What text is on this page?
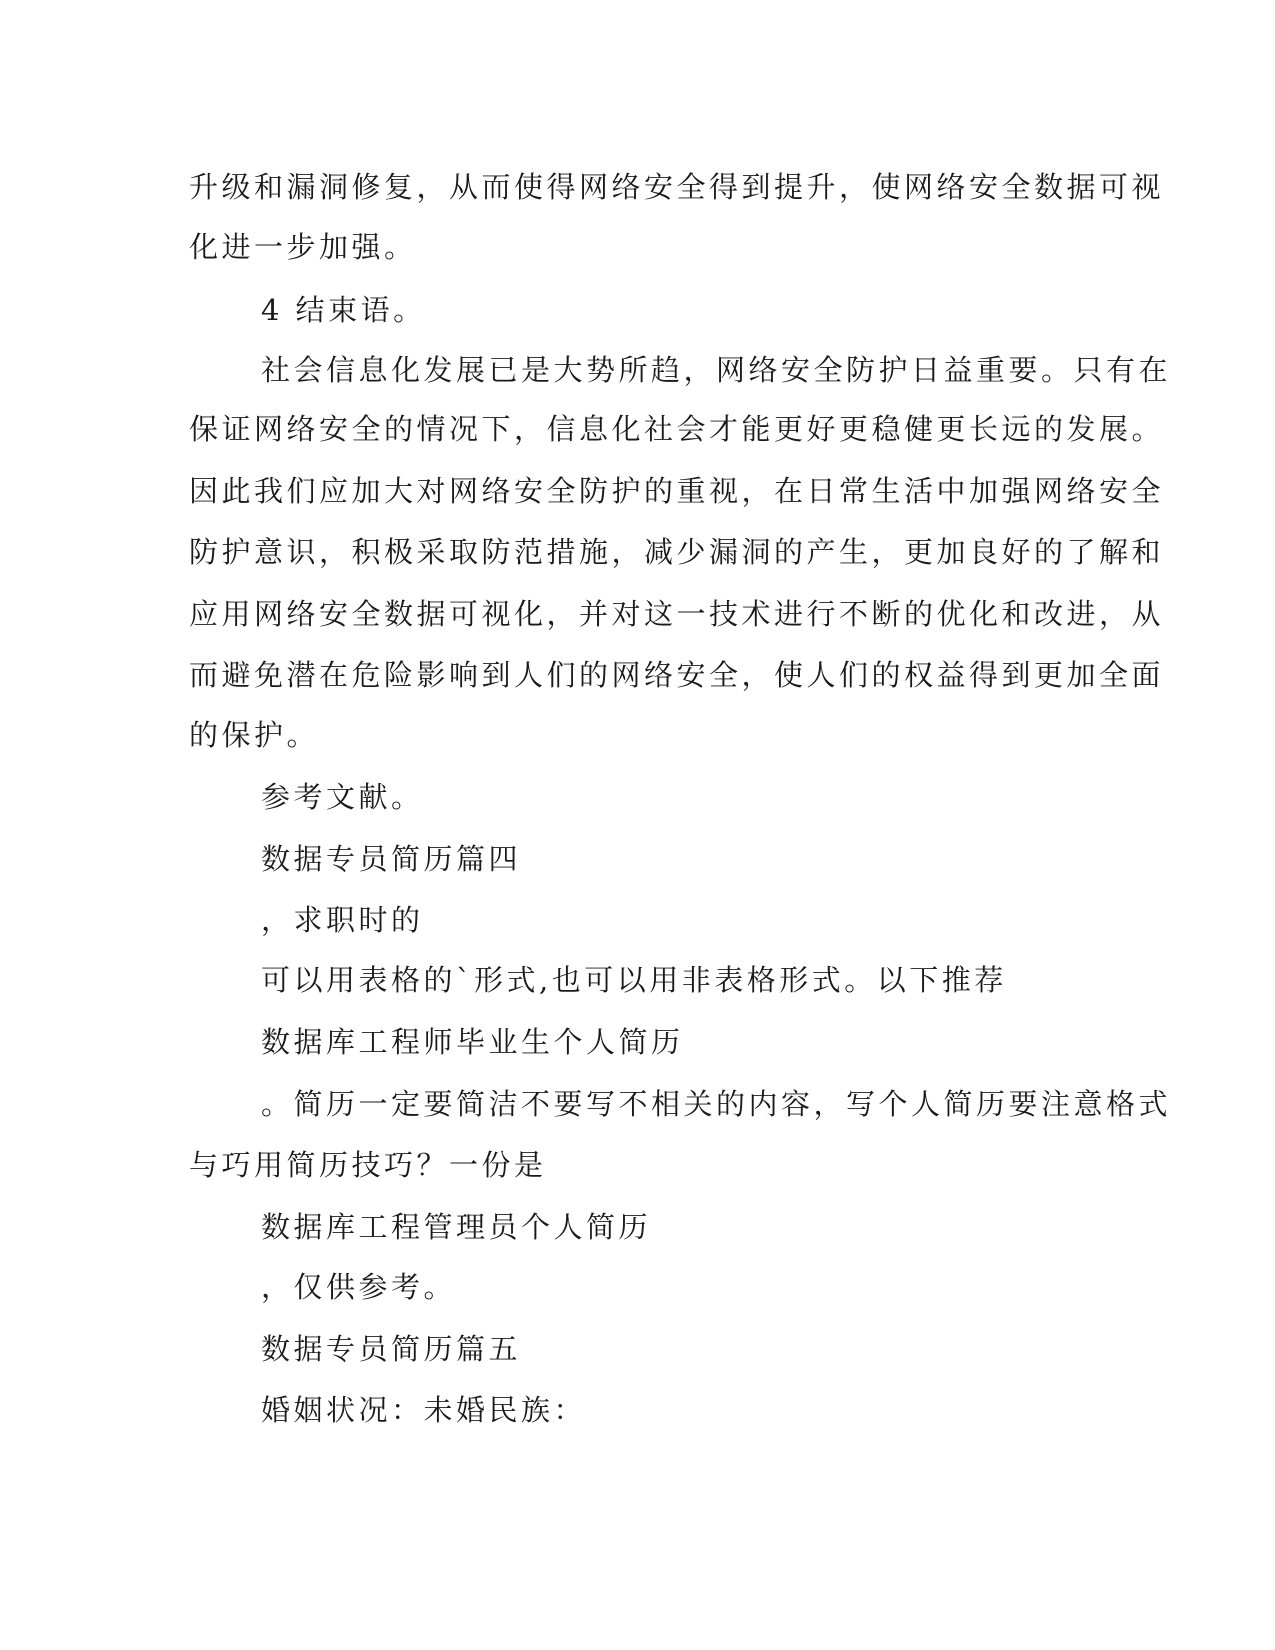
升级和漏洞修复，从而使得网络安全得到提升，使网络安全数据可视
化进一步加强。
4 结束语。
社会信息化发展已是大势所趋，网络安全防护日益重要。只有在
保证网络安全的情况下，信息化社会才能更好更稳健更长远的发展。
因此我们应加大对网络安全防护的重视，在日常生活中加强网络安全
防护意识，积极采取防范措施，减少漏洞的产生，更加良好的了解和
应用网络安全数据可视化，并对这一技术进行不断的优化和改进，从
而避免潜在危险影响到人们的网络安全，使人们的权益得到更加全面
的保护。
参考文献。
数据专员简历篇四
，求职时的
可以用表格的`形式,也可以用非表格形式。以下推荐
数据库工程师毕业生个人简历
。简历一定要简洁不要写不相关的内容，写个人简历要注意格式
与巧用简历技巧？一份是
数据库工程管理员个人简历
，仅供参考。
数据专员简历篇五
婚姻状况：未婚民族：
